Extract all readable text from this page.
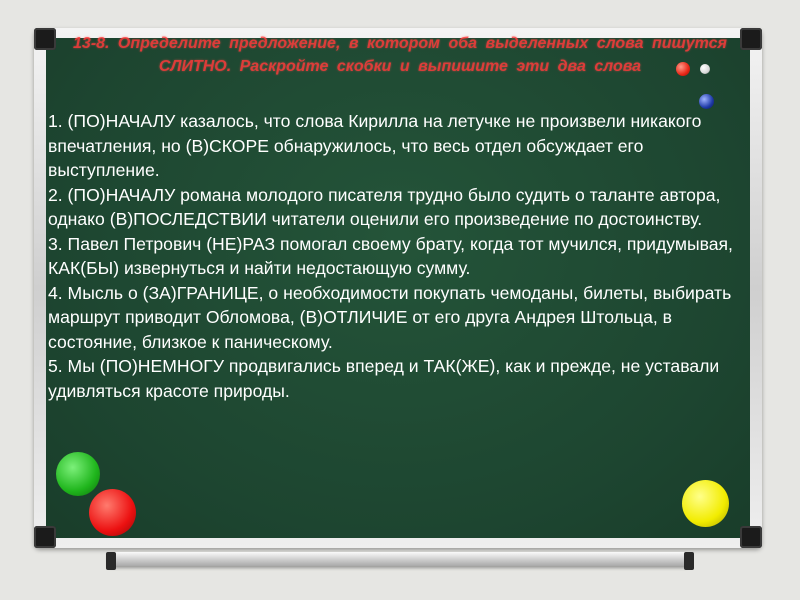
13-8. Определите предложение, в котором оба выделенных слова пишутся СЛИТНО. Раскройте скобки и выпишите эти два слова

1. (ПО)НАЧАЛУ казалось, что слова Кирилла на летучке не произвели никакого впечатления, но (В)СКОРЕ обнаружилось, что весь отдел обсуждает его выступление.

2. (ПО)НАЧАЛУ романа молодого писателя трудно было судить о таланте автора, однако (В)ПОСЛЕДСТВИИ читатели оценили его произведение по достоинству.

3. Павел Петрович (НЕ)РАЗ помогал своему брату, когда тот мучился, придумывая, КАК(БЫ) извернуться и найти недостающую сумму.

4. Мысль о (ЗА)ГРАНИЦЕ, о необходимости покупать чемоданы, билеты, выбирать маршрут приводит Обломова, (В)ОТЛИЧИЕ от его друга Андрея Штольца, в состояние, близкое к паническому.

5. Мы (ПО)НЕМНОГУ продвигались вперед и ТАК(ЖЕ), как и прежде, не уставали удивляться красоте природы.
